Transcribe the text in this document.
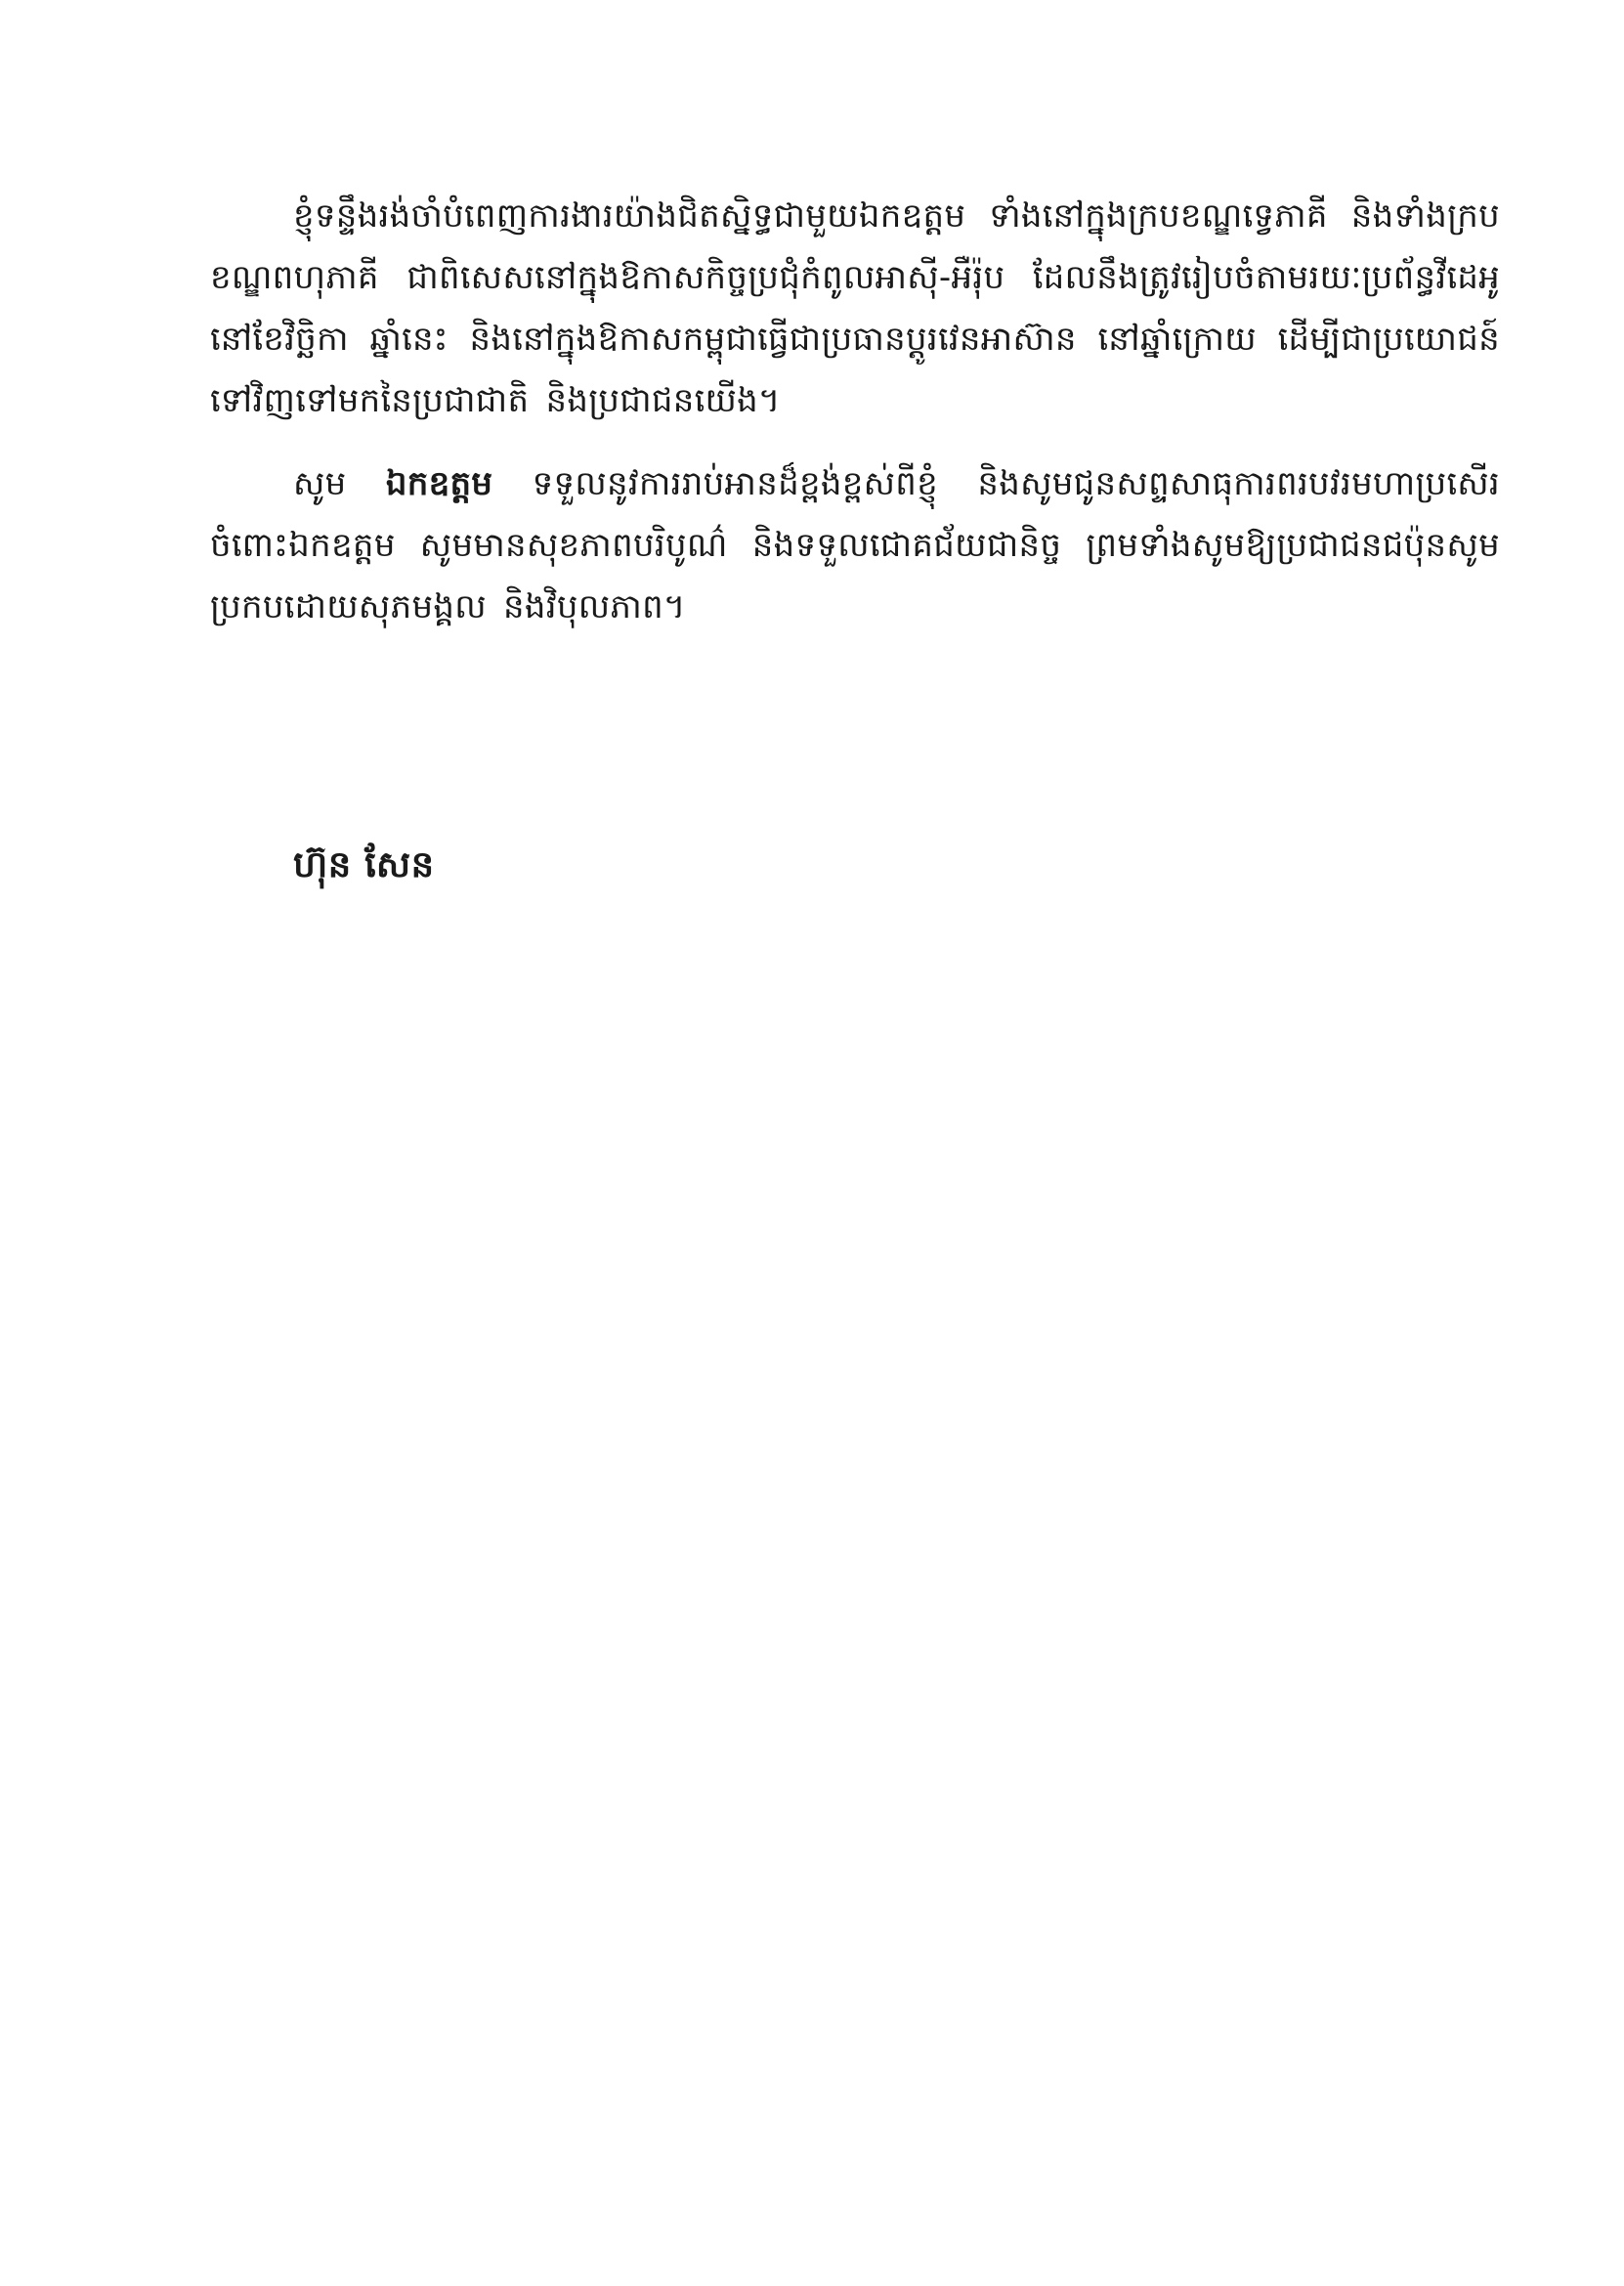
ខ្ញុំទន្ទឹងរង់ចាំបំពេញការងារយ៉ាងជិតស្និទ្ធជាមួយឯកឧត្តម ទាំងនៅក្នុងក្របខណ្ឌទ្វេភាគី និងទាំងក្របខណ្ឌពហុភាគី ជាពិសេសនៅក្នុងឱកាសកិច្ចប្រជុំកំពូលអាស៊ី-អឺរ៉ុប ដែលនឹងត្រូវរៀបចំតាមរយៈប្រព័ន្ធវីដេអូ នៅខែវិច្ឆិកា ឆ្នាំនេះ និងនៅក្នុងឱកាសកម្ពុជាធ្វើជាប្រធានប្ដូរវេនអាស៊ាន នៅឆ្នាំក្រោយ ដើម្បីជាប្រយោជន៍ទៅវិញទៅមកនៃប្រជាជាតិ និងប្រជាជនយើង។

សូម ឯកឧត្តម ទទួលនូវការរាប់អានដ៏ខ្ពង់ខ្ពស់ពីខ្ញុំ និងសូមជូនសព្ទសាធុការពរបវរមហាប្រសើរចំពោះឯកឧត្តម សូមមានសុខភាពបរិបូណ៌ និងទទួលជោគជ័យជានិច្ច ព្រមទាំងសូមឱ្យប្រជាជនជប៉ុនសូមប្រកបដោយសុភមង្គល និងវិបុលភាព។

ហ៊ុន សែន
